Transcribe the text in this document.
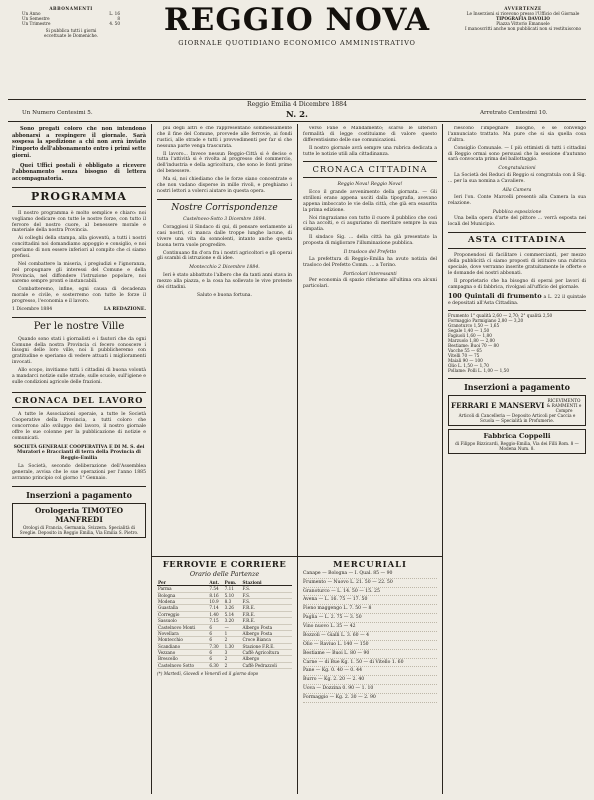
ABBONAMENTI
Un Anno	L. 16
Un Semestre	8
Un Trimestre	4. 50
Si pubblica tutti i giorni
eccettuate le Domeniche.	REGGIO NOVA
GIORNALE QUOTIDIANO ECONOMICO AMMINISTRATIVO
AVVERTENZE
Le Inserzioni si ricevono presso l'Ufficio del Giornale
TIPOGRAFIA DAVOLIO
Piazza Vittorio Emanuele
I manoscritti anche non pubblicati non si restituiscono
Reggio Emilia 4 Dicembre 1884
N. 2.
Un Numero Centesimi 5.	Arretrato Centesimi 10.
Sono pregati coloro che non intendono abbonarsi a respingere il giornale. Sarà sospesa la spedizione a chi non avrà inviato l'importo dell'abbonamento entro i primi sette giorni.
Quei Uffici postali è obbligato a ricevere l'abbonamento senza bisogno di lettera accompagnatoria.
PROGRAMMA

Il nostro programma è molto semplice e chiaro: noi vogliamo dedicare con tutte le nostre forze, con tutto il fervore del nostro cuore, al benessere morale e materiale della nostra Provincia.

Ai colleghi della stampa, alla gioventù, a tutti i nostri concittadini noi domandiamo appoggio e consiglio, e noi speriamo di non essere inferiori al compito che ci siamo prefissi.

Nel combattere la miseria, i pregiudizi e l'ignoranza, nel propugnare gli interessi del Comune e della Provincia, nel diffondere l'istruzione popolare, noi saremo sempre pronti e instancabili.

Combatteremo, infine, ogni causa di decadenza morale e civile, e sosterremo con tutte le forze il progresso, l'economia e il lavoro.

1 Dicembre 1884	LA REDAZIONE.
Per le nostre Ville

Quando sono stati i giornalisti e i fautori che da ogni Comune della nostra Provincia ci fecero conoscere i bisogni delle loro ville, noi li pubblicheremo con gratitudine e speriamo di vedere attuati i miglioramenti invocati.

Allo scopo, invitiamo tutti i cittadini di buona volontà a mandarci notizie sulle strade, sulle scuole, sull'igiene e sulle condizioni agricole delle frazioni.

CRONACA DEL LAVORO

A tutte le Associazioni operaie, a tutte le Società Cooperative della Provincia, a tutti coloro che concorrono allo sviluppo del lavoro, il nostro giornale offre le sue colonne per la pubblicazione di notizie e comunicati.

SOCIETÀ GENERALE COOPERATIVA E DI M. S. dei Muratori e Braccianti di terra della Provincia di Reggio-Emilia

La Società, secondo deliberazione dell'Assemblea generale, avvisa che le sue operazioni per l'anno 1885 avranno principio col giorno 1° Gennaio.

Inserzioni a pagamento
Orologeria TIMOTEO MANFREDI
Orologi di Francia, Germania, Svizzera. Specialità di Sveglie. Deposito in Reggio Emilia, Via Emilia S. Pietro.

più degli altri e che rappresentano sommessamente che il fine del Comune, provvede alle ferrovie, ai fondi rustici, alle strade e tutti i provvedimenti per far sì che nessuna parte venga trascurata.

Il lavoro... Invece nessun Reggio-Città si è deciso e tutta l'attività si è rivolta al progresso del commercio, dell'industria e della agricoltura, che sono le fonti prime del benessere.

Ma sì, noi chiediamo che le forze siano concentrate e che non vadano disperse in mille rivoli, e preghiamo i nostri lettori a volerci aiutare in questa opera.

Nostre Corrispondenze
Castelnovo-Sotto 3 Dicembre 1884.

Coraggiosi il Sindaco di qui, di pensare seriamente ai casi nostri, ci manca dalle troppe lunghe lacune, di vivere una vita da sonnolenti, intanto anche questa buona terra vuole progredire.

Continuano fin d'ora fra i nostri agricoltori e gli operai gli scambi di istruzione e di idee.

Montecchio 2 Dicembre 1884.

Ieri è stato abbattuto l'albero che da tanti anni stava in mezzo alla piazza, e la cosa ha sollevato le vive proteste dei cittadini.

Saluto e buona fortuna.

verso Fane e Mandamento; scarso le ulteriori formalità di legge costituiamo di valore questo differentisismo delle sue comunicazioni.

Il nostro giornale avrà sempre una rubrica dedicata a tutte le notizie utili alla cittadinanza.

CRONACA CITTADINA
Reggio Nova! Reggio Nova!

Ecco il grande avvenimento della giornata. — Gli strilloni erano appena usciti dalla tipografia, avevano appena imboccato le vie della città, che già era esaurita la prima edizione.

Noi ringraziamo con tutto il cuore il pubblico che così ci ha accolti, e ci auguriamo di meritare sempre la sua simpatia.

Il sindaco Sig. ... della città ha già presentato la proposta di migliorare l'illuminazione pubblica.

Il trasloco del Prefetto

La prefettura di Reggio-Emilia ha avuto notizia del trasloco del Prefetto Comm. ... a Torino.

Particolari interessanti

Per economia di spazio riferiamo all'ultima ora alcuni particolari.

riescono l'impegnare bisogno, e se convengo l'annunciato trattato. Ma pure che si sia quella cosa d'altra.

Consiglio Comunale. — I più ottimisti di tutti i cittadini di Reggio ormai sono persuasi che la sessione d'autunno sarà convocata prima del ballottaggio.

Congratulazioni

La Società dei Reduci di Reggio si congratula con il Sig. ... per la sua nomina a Cavaliere.

Alla Camera

Ieri l'on. Conte Marcelli presentò alla Camera la sua relazione.

Pubblica esposizione

Una bella opera d'arte del pittore ... verrà esposta nei locali del Municipio.

ASTA CITTADINA

Proponendosi di facilitare i commercianti, per mezzo della pubblicità ci siamo proposti di istituire una rubrica speciale, dove verranno inserite gratuitamente le offerte e le domande dei nostri abbonati.

Il proprietario che ha bisogno di operai per lavori di campagna o di fabbrica, rivolgasi all'ufficio del giornale.

100 Quintali di frumento a L. 22 il quintale e depositati all'Asta Cittadina.
Frumento 1° qualità 2,60 — 2,70; 2° qualità 2,50
Formaggio Parmigiano 2,80 — 3,20
Granoturco 1,50 — 1,65
Segale 1,40 — 1,50
Fagiuoli 1,60 — 1,80
Marzuolo 1,80 — 2,00
Bestiame: Buoi 70 — 80
Vacche 55 — 65
Vitelli 70 — 75
Maiali 90 — 100
Olio L. 1,50 — 1,70
Pollame: Polli L. 1,00 — 1,50
Inserzioni a pagamento
FERRARI E MANSERVI
RICEVIMENTO & RAMMENTI e Compre
Articoli di Cancelleria — Deposito Articoli per Caccia e Scuola — Specialità in Profumerie.
Fabbrica Coppelli
di Filippo Bizzicardi, Reggio-Emilia, Via dei Filli Rom. 8 — Modena Num. 8.
FERROVIE E CORRIERE
Orario delle Partenze
Per	Ant.	Pom.	Stazioni
Parma	7.54	7.11	F.S.
Bologna	8.16	5.10	F.S.
Modena	10.9	8.3	F.S.
Guastalla	7.14	3.26	F.R.E.
Correggio	1.40	5.14	F.R.E.
Sassuolo	7.15	3.20	F.R.E.
Castelnovo Monti	6	—	Albergo Posta
Novellara	6	1	Albergo Posta
Montecchio	6	2	Croce Bianca
Scandiano	7.30	1.30	Stazione F.R.E.
Vezzano	6	3	Caffè Agricoltura
Brescello	6	2	Albergo
Castelnovo Sotto	6.30	2	Caffè Pedrazzoli
(*) Martedì, Giovedì e Venerdì ed il giorno dopo
MERCURIALI
Canape — Bologna — I. Qual. 85 — 90
Frumento — Nuovo L. 21. 50 — 22. 50
Granoturco — L. 14. 50 — 15. 25
Avena — L. 16. 75 — 17. 50
Fieno maggengo L. 7. 50 — 8
Paglia — L. 2. 75 — 3. 50
Vino nuovo L. 35 — 42
Bozzoli — Gialli L. 3. 60 — 4
Olio — Raviuo L. 140 — 150
Bestiame — Buoi L. 80 — 90
Carne — di Bue Kg. 1. 50 — di Vitello 1. 60
Pane — Kg. 0. 40 — 0. 44
Burro — Kg. 2. 20 — 2. 40
Uova — Dozzina 0. 90 — 1. 10
Formaggio — Kg. 2. 30 — 2. 90
